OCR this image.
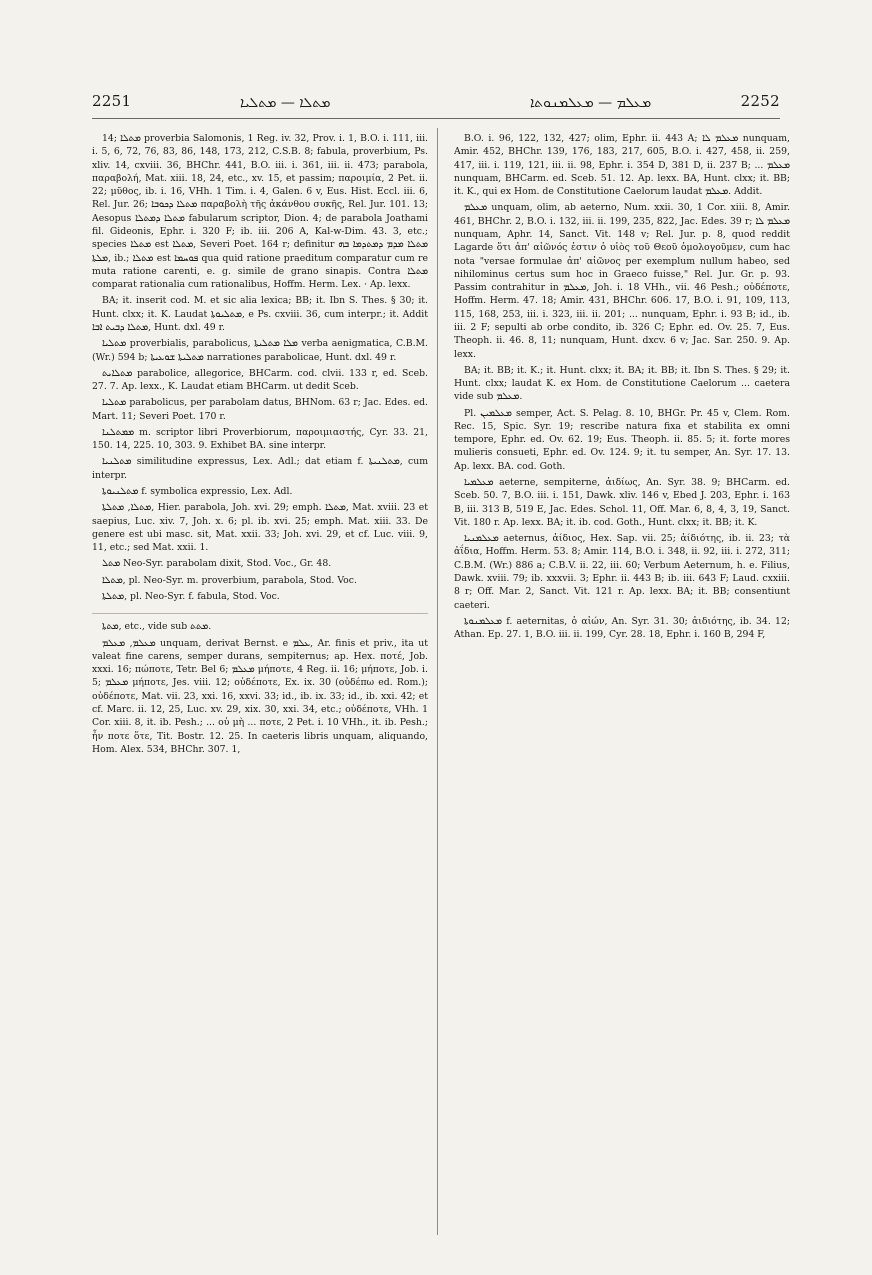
2251	ܡܬܠܐ — ܡܬܠܝܐ	ܡܥܠܡ — ܡܥܠܡܢܘܬܐ	2252

14; ܡܬܠܐ proverbia Salomonis, 1 Reg. iv. 32, Prov. i. 1, B.O. i. 111, iii. i. 5, 6, 72, 76, 83, 86, 148, 173, 212, C.S.B. 8; fabula, proverbium, Ps. xliv. 14, cxviii. 36, BHChr. 441, B.O. iii. i. 361, iii. ii. 473; parabola, παραβολή, Mat. xiii. 18, 24, etc., xv. 15, et passim; παροιμία, 2 Pet. ii. 22; μῦθος, ib. i. 16, VHh. 1 Tim. i. 4, Galen. 6 v, Eus. Hist. Eccl. iii. 6, Rel. Jur. 26; ܡܬܠܐ ܕܟܘܒܐ παραβολὴ τῆς ἀκάνθου συκῆς, Rel. Jur. 101. 13; Aesopus ܡܬܠܐ ܕܡܬܠܐ fabularum scriptor, Dion. 4; de parabola Joathami fil. Gideonis, Ephr. i. 320 F; ib. iii. 206 A, Kal-w-Dim. 43. 3, etc.; species ܡܬܠܐ est ܡܬܠܐ, Severi Poet. 164 r; definitur ܡܬܠܐ ܡܕܡ ܕܡܬܕܡܐ ܒܗ ܡܠܬܐ, ib.; ܡܬܠܐ est ܦܘܚܡܐ qua quid ratione praeditum comparatur cum re muta ratione carenti, e. g. simile de grano sinapis. Contra ܡܬܠܐ comparat rationalia cum rationalibus, Hoffm. Herm. Lex. · Ap. lexx.

BA; it. inserit cod. M. et sic alia lexica; BB; it. Ibn S. Thes. § 30; it. Hunt. clxx; it. K. Laudat ܡܬܠܝܘܬܐ, e Ps. cxviii. 36, cum interpr.; it. Addit ܡܬܠܐ ܕܒܝܬ ܐܒܐ, Hunt. dxl. 49 r.

ܡܬܠܝܐ proverbialis, parabolicus, ܡܠܐ ܡܬܠܝܬܐ verba aenigmatica, C.B.M. (Wr.) 594 b; ܡܬܠܝܬܐ ܫܘܥܝܬܐ narrationes parabolicae, Hunt. dxl. 49 r.

ܡܬܠܐܝܬ parabolice, allegorice, BHCarm. cod. clvii. 133 r, ed. Sceb. 27. 7. Ap. lexx., K. Laudat etiam BHCarm. ut dedit Sceb.

ܡܬܠܝܐ parabolicus, per parabolam datus, BHNom. 63 r; Jac. Edes. ed. Mart. 11; Severi Poet. 170 r.

ܡܡܬܠܢܐ m. scriptor libri Proverbiorum, παροιμιαστής, Cyr. 33. 21, 150. 14, 225. 10, 303. 9. Exhibet BA. sine interpr.

ܡܬܠܢܝܐ similitudine expressus, Lex. Adl.; dat etiam f. ܡܬܠܢܝܬܐ, cum interpr.

ܡܬܠܢܝܘܬܐ f. symbolica expressio, Lex. Adl.

ܡܬܠܐ, ܡܬܠܬܐ, Hier. parabola, Joh. xvi. 29; emph. ܡܬܠܐ, Mat. xviii. 23 et saepius, Luc. xiv. 7, Joh. x. 6; pl. ib. xvi. 25; emph. Mat. xiii. 33. De genere est ubi masc. sit, Mat. xxii. 33; Joh. xvi. 29, et cf. Luc. viii. 9, 11, etc.; sed Mat. xxii. 1.

ܡܬܠ Neo-Syr. parabolam dixit, Stod. Voc., Gr. 48.

ܡܬܠܐ, pl. Neo-Syr. m. proverbium, parabola, Stod. Voc.

ܡܬܠܬܐ, pl. Neo-Syr. f. fabula, Stod. Voc.

ܡܬܬܐ, etc., vide sub ܡܬܬ.

ܡܥܠܡ, ܡܥܠܡ unquam, derivat Bernst. e ܥܠܡ, Ar. finis et priv., ita ut valeat fine carens, semper durans, sempiternus; ap. Hex. ποτέ, Job. xxxi. 16; πώποτε, Tetr. Bel 6; ܡܥܠܡ μήποτε, 4 Reg. ii. 16; μήποτε, Job. i. 5; ܡܥܠܡ μήποτε, Jes. viii. 12; οὐδέποτε, Ex. ix. 30 (οὐδέπω ed. Rom.); οὐδέποτε, Mat. vii. 23, xxi. 16, xxvi. 33; id., ib. ix. 33; id., ib. xxi. 42; et cf. Marc. ii. 12, 25, Luc. xv. 29, xix. 30, xxi. 34, etc.; οὐδέποτε, VHh. 1 Cor. xiii. 8, it. ib. Pesh.; ... οὐ μὴ ... ποτε, 2 Pet. i. 10 VHh., it. ib. Pesh.; ἦν ποτε ὅτε, Tit. Bostr. 12. 25. In caeteris libris unquam, aliquando, Hom. Alex. 534, BHChr. 307. 1,

B.O. i. 96, 122, 132, 427; olim, Ephr. ii. 443 A; ܡܥܠܡ ܠܐ nunquam, Amir. 452, BHChr. 139, 176, 183, 217, 605, B.O. i. 427, 458, ii. 259, 417, iii. i. 119, 121, iii. ii. 98, Ephr. i. 354 D, 381 D, ii. 237 B; ... ܡܥܠܡ nunquam, BHCarm. ed. Sceb. 51. 12. Ap. lexx. BA, Hunt. clxx; it. BB; it. K., qui ex Hom. de Constitutione Caelorum laudat ܡܥܠܡ. Addit.

ܡܥܠܡ unquam, olim, ab aeterno, Num. xxii. 30, 1 Cor. xiii. 8, Amir. 461, BHChr. 2, B.O. i. 132, iii. ii. 199, 235, 822, Jac. Edes. 39 r; ܡܥܠܡ ܠܐ nunquam, Aphr. 14, Sanct. Vit. 148 v; Rel. Jur. p. 8, quod reddit Lagarde ὅτι ἀπ' αἰῶνός ἐστιν ὁ υἱὸς τοῦ Θεοῦ ὁμολογοῦμεν, cum hac nota "versae formulae ἀπ' αἰῶνος per exemplum nullum habeo, sed nihilominus certus sum hoc in Graeco fuisse," Rel. Jur. Gr. p. 93. Passim contrahitur in ܡܥܠܡ, Joh. i. 18 VHh., vii. 46 Pesh.; οὐδέποτε, Hoffm. Herm. 47. 18; Amir. 431, BHChr. 606. 17, B.O. i. 91, 109, 113, 115, 168, 253, iii. i. 323, iii. ii. 201; ... nunquam, Ephr. i. 93 B; id., ib. iii. 2 F; sepulti ab orbe condito, ib. 326 C; Ephr. ed. Ov. 25. 7, Eus. Theoph. ii. 46. 8, 11; nunquam, Hunt. dxcv. 6 v; Jac. Sar. 250. 9. Ap. lexx.

BA; it. BB; it. K.; it. Hunt. clxx; it. BA; it. BB; it. Ibn S. Thes. § 29; it. Hunt. clxx; laudat K. ex Hom. de Constitutione Caelorum ... caetera vide sub ܡܥܠܡ.

Pl. ܡܥܠܡܝܢ semper, Act. S. Pelag. 8. 10, BHGr. Pr. 45 v, Clem. Rom. Rec. 15, Spic. Syr. 19; rescribe natura fixa et stabilita ex omni tempore, Ephr. ed. Ov. 62. 19; Eus. Theoph. ii. 85. 5; it. forte mores mulieris consueti, Ephr. ed. Ov. 124. 9; it. tu semper, An. Syr. 17. 13. Ap. lexx. BA. cod. Goth.

ܡܥܠܡܝܐ aeterne, sempiterne, ἀιδίως, An. Syr. 38. 9; BHCarm. ed. Sceb. 50. 7, B.O. iii. i. 151, Dawk. xliv. 146 v, Ebed J. 203, Ephr. i. 163 B, iii. 313 B, 519 E, Jac. Edes. Schol. 11, Off. Mar. 6, 8, 4, 3, 19, Sanct. Vit. 180 r. Ap. lexx. BA; it. ib. cod. Goth., Hunt. clxx; it. BB; it. K.

ܡܥܠܡܢܝܐ aeternus, ἀίδιος, Hex. Sap. vii. 25; ἀίδιότης, ib. ii. 23; τὰ ἀΐδια, Hoffm. Herm. 53. 8; Amir. 114, B.O. i. 348, ii. 92, iii. i. 272, 311; C.B.M. (Wr.) 886 a; C.B.V. ii. 22, iii. 60; Verbum Aeternum, h. e. Filius, Dawk. xviii. 79; ib. xxxvii. 3; Ephr. ii. 443 B; ib. iii. 643 F; Laud. cxxiii. 8 r; Off. Mar. 2, Sanct. Vit. 121 r. Ap. lexx. BA; it. BB; consentiunt caeteri.

ܡܥܠܡܢܘܬܐ f. aeternitas, ὁ αἰών, An. Syr. 31. 30; ἀιδιότης, ib. 34. 12; Athan. Ep. 27. 1, B.O. iii. ii. 199, Cyr. 28. 18, Ephr. i. 160 B, 294 F,
